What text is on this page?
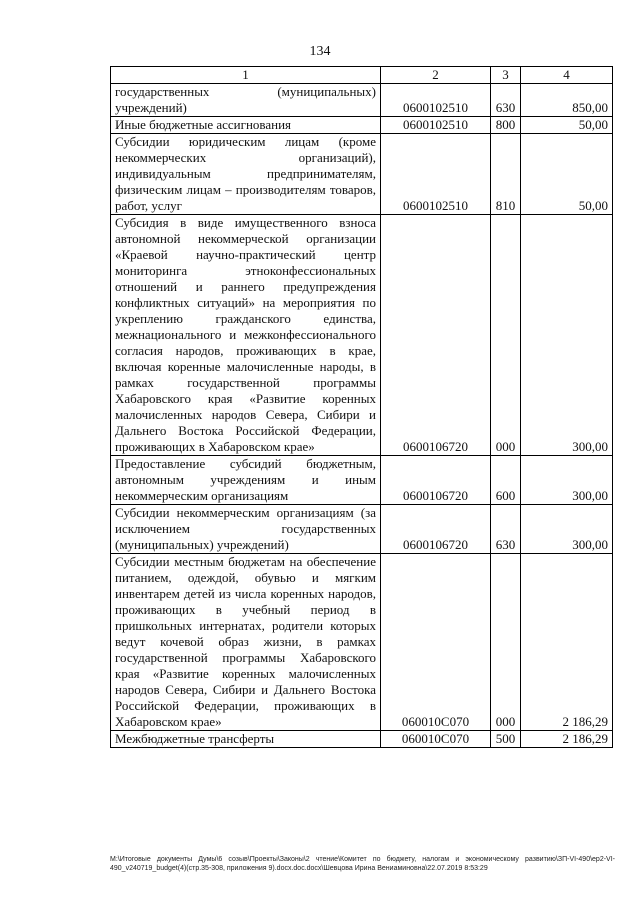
134
1	2	3	4
государственных (муниципальных) учреждений)	0600102510	630	850,00
Иные бюджетные ассигнования	0600102510	800	50,00
Субсидии юридическим лицам (кроме некоммерческих организаций), индивидуальным предпринимателям, физическим лицам – производителям товаров, работ, услуг	0600102510	810	50,00
Субсидия в виде имущественного взноса автономной некоммерческой организации «Краевой научно-практический центр мониторинга этноконфессиональных отношений и раннего предупреждения конфликтных ситуаций» на мероприятия по укреплению гражданского единства, межнационального и межконфессионального согласия народов, проживающих в крае, включая коренные малочисленные народы, в рамках государственной программы Хабаровского края «Развитие коренных малочисленных народов Севера, Сибири и Дальнего Востока Российской Федерации, проживающих в Хабаровском крае»	0600106720	000	300,00
Предоставление субсидий бюджетным, автономным учреждениям и иным некоммерческим организациям	0600106720	600	300,00
Субсидии некоммерческим организациям (за исключением государственных (муниципальных) учреждений)	0600106720	630	300,00
Субсидии местным бюджетам на обеспечение питанием, одеждой, обувью и мягким инвентарем детей из числа коренных народов, проживающих в учебный период в пришкольных интернатах, родители которых ведут кочевой образ жизни, в рамках государственной программы Хабаровского края «Развитие коренных малочисленных народов Севера, Сибири и Дальнего Востока Российской Федерации, проживающих в Хабаровском крае»	060010С070	000	2 186,29
Межбюджетные трансферты	060010С070	500	2 186,29
M:\Итоговые документы Думы\6 созыв\Проекты\Законы\2 чтение\Комитет по бюджету, налогам и экономическому развитию\ЗП-VI-490\ер2-VI-490_v240719_budget(4)(стр.35-308, приложения 9).docx.doc.docx\Шевцова Ирина Вениаминовна\22.07.2019 8:53:29
